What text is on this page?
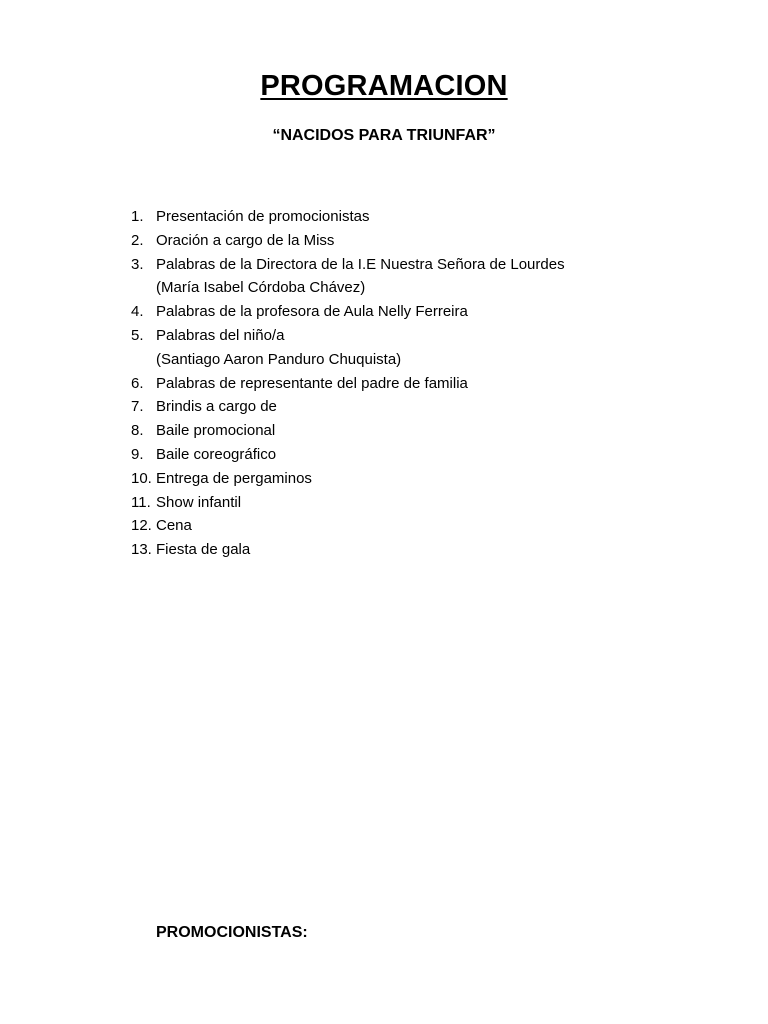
PROGRAMACION
“NACIDOS PARA TRIUNFAR”
1. Presentación de promocionistas
2. Oración a cargo de la Miss
3. Palabras de la Directora de la I.E Nuestra Señora de Lourdes
(María Isabel Córdoba Chávez)
4. Palabras de la profesora de Aula Nelly Ferreira
5. Palabras del niño/a
(Santiago Aaron Panduro Chuquista)
6. Palabras de representante del padre de familia
7. Brindis a cargo de
8. Baile promocional
9. Baile coreográfico
10. Entrega de pergaminos
11. Show infantil
12. Cena
13. Fiesta de gala
PROMOCIONISTAS:
